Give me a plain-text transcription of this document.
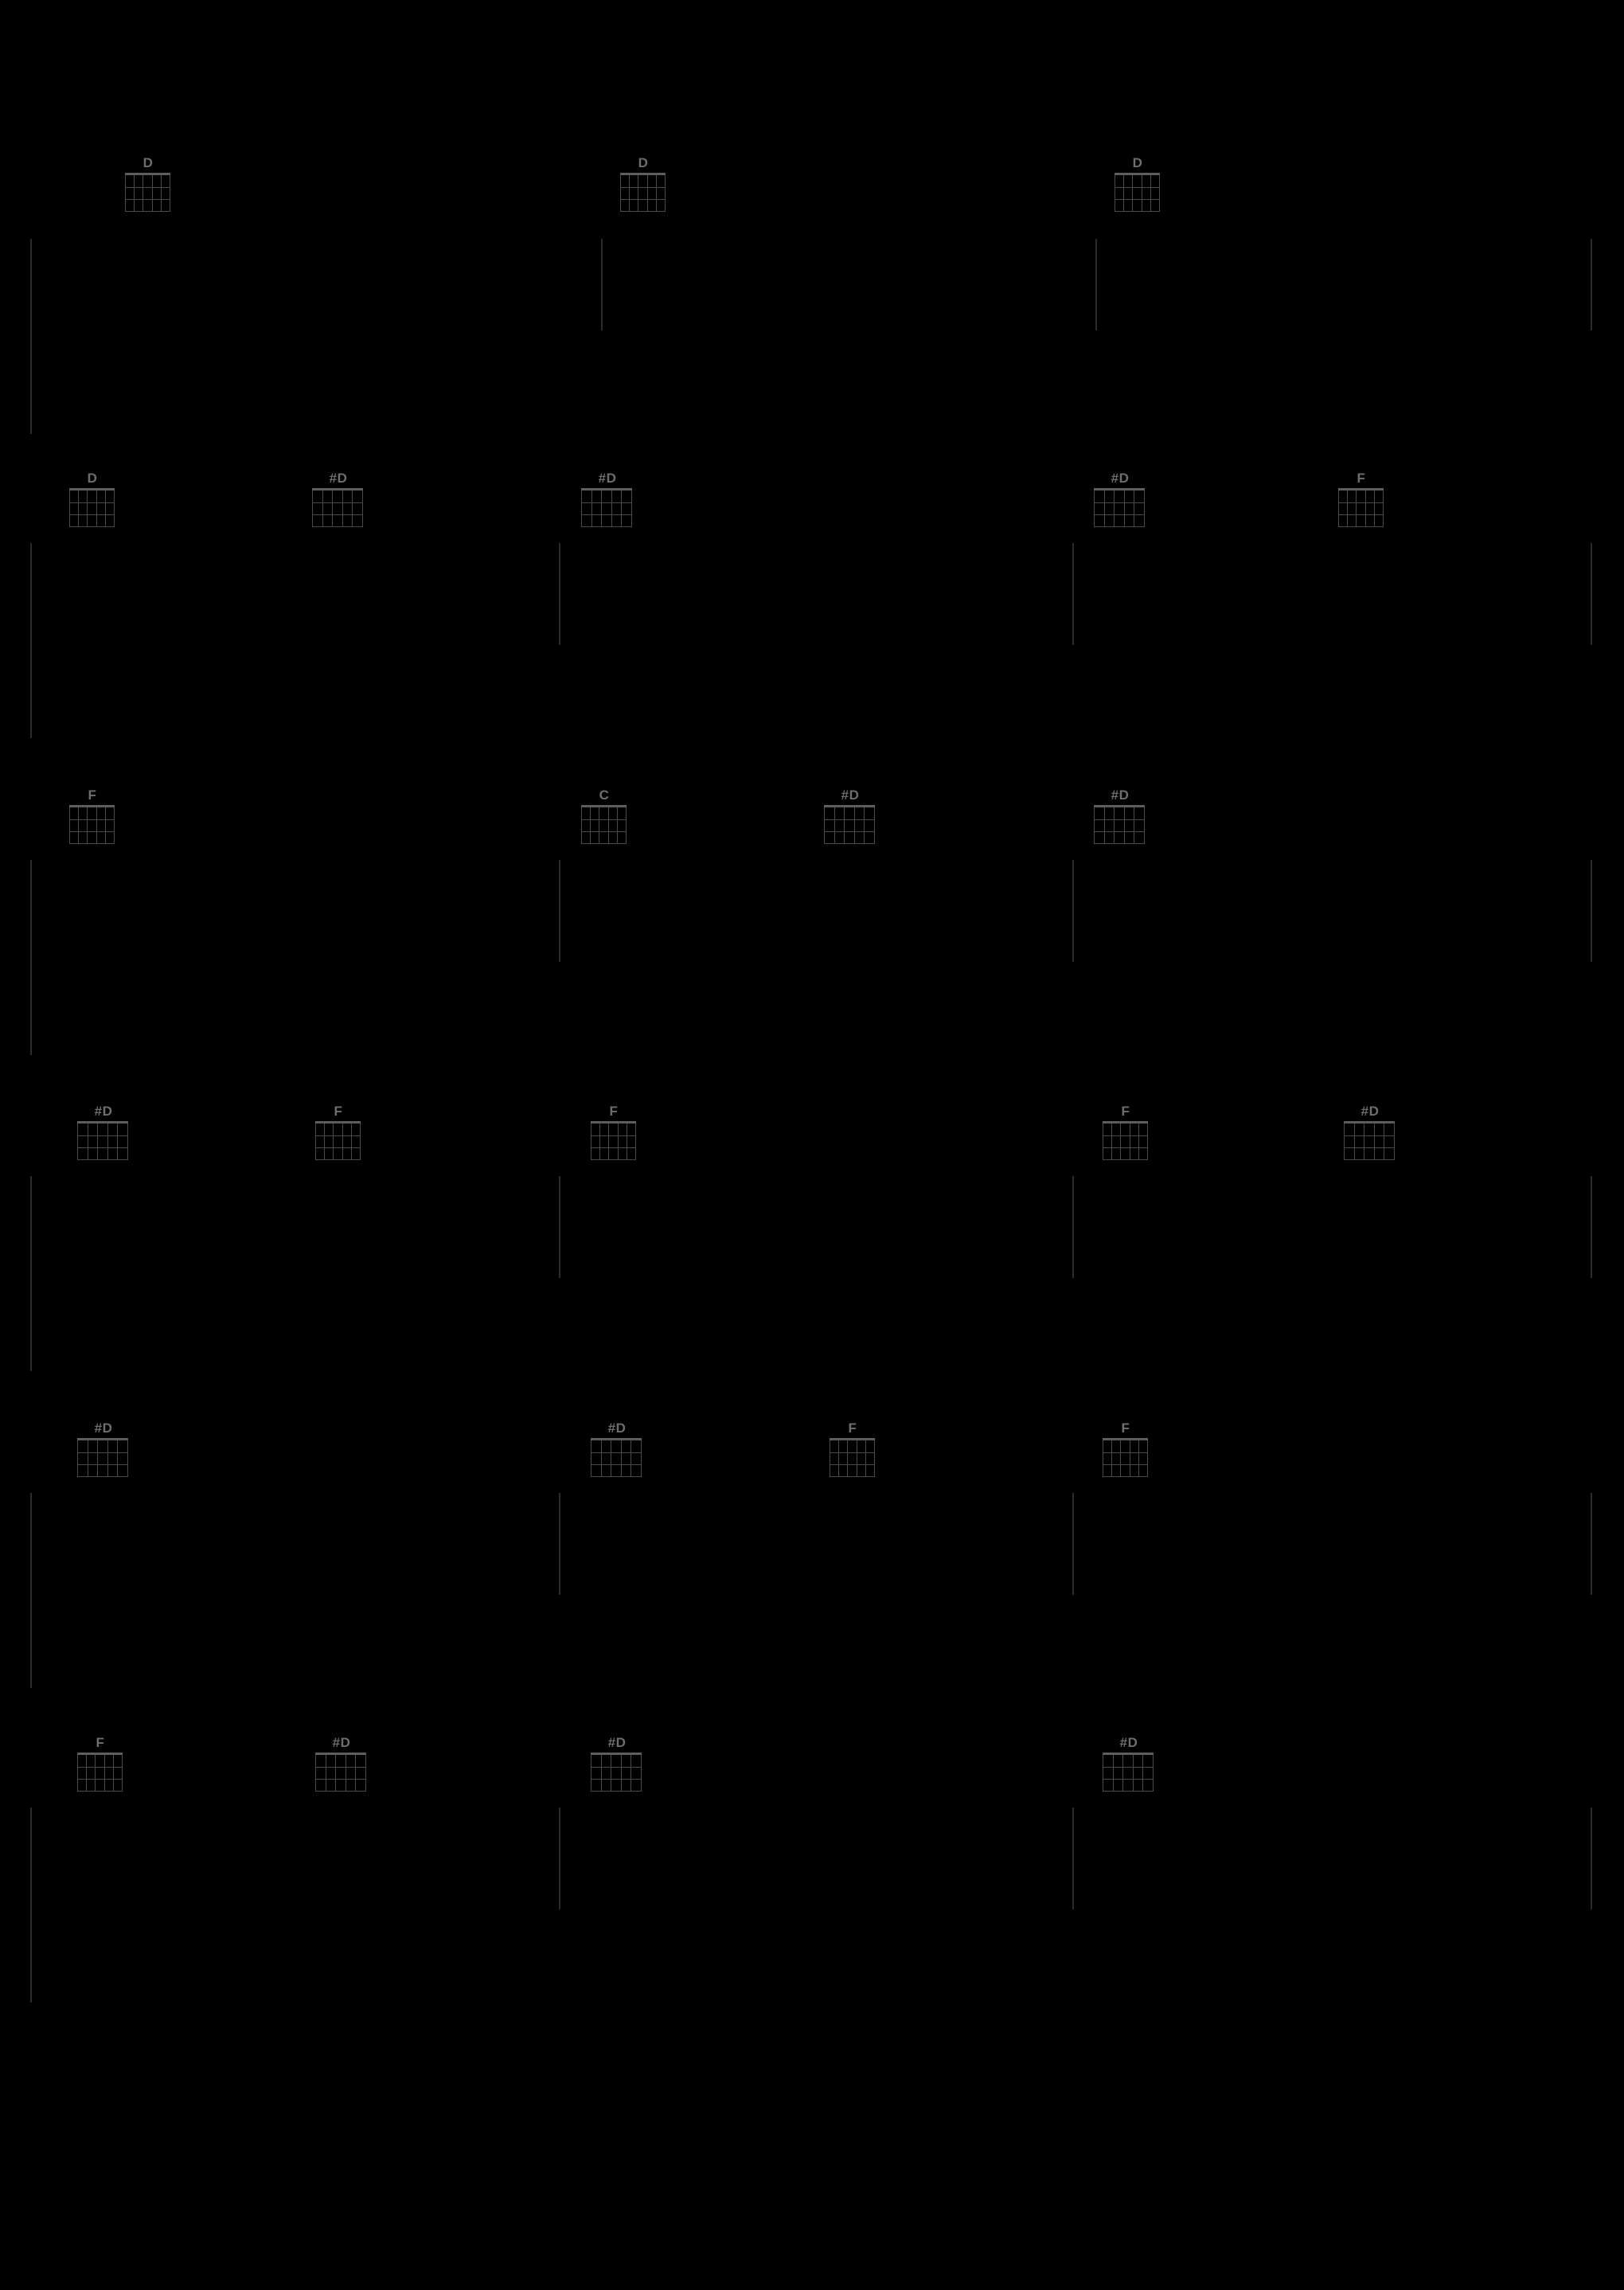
D	D	D
D	#D	#D	#D	F
F	C	#D	#D
#D	F	F	F	#D
#D	#D	F	F
F	#D	#D	#D
